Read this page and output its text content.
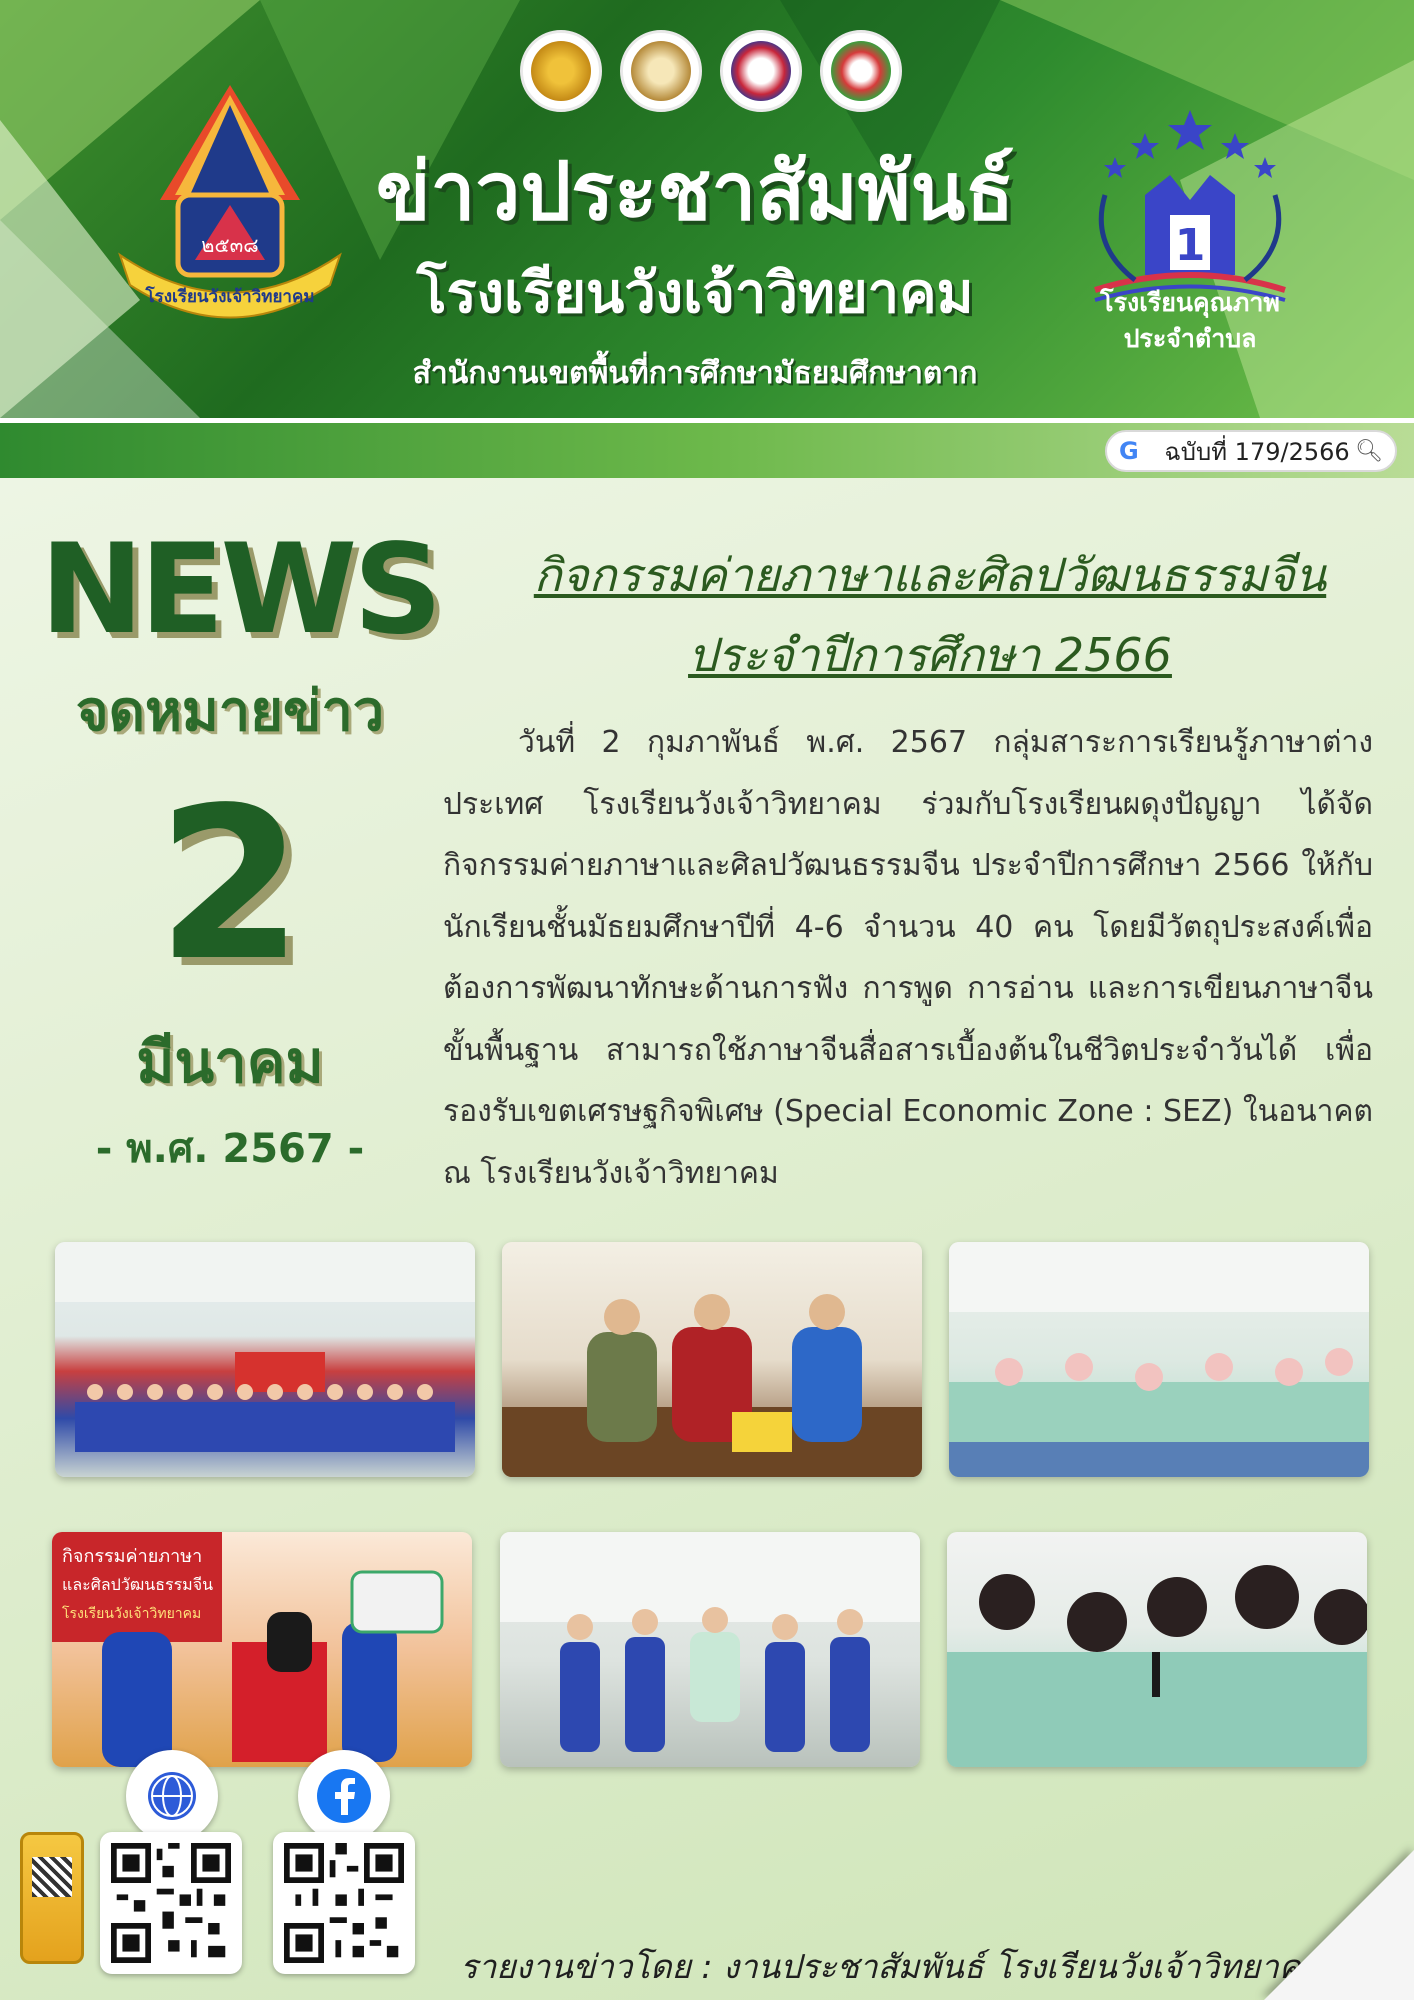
๒๕๓๘
โรงเรียนวังเจ้าวิทยาคม
ข่าวประชาสัมพันธ์
โรงเรียนวังเจ้าวิทยาคม
สำนักงานเขตพื้นที่การศึกษามัธยมศึกษาตาก
1
โรงเรียนคุณภาพ
ประจำตำบล
G	ฉบับที่ 179/2566 🔍︎
NEWS
จดหมายข่าว
2
มีนาคม
- พ.ศ. 2567 -
กิจกรรมค่ายภาษาและศิลปวัฒนธรรมจีน
ประจำปีการศึกษา 2566
วันที่ 2 กุมภาพันธ์ พ.ศ. 2567 กลุ่มสาระการเรียนรู้ภาษาต่างประเทศ โรงเรียนวังเจ้าวิทยาคม ร่วมกับโรงเรียนผดุงปัญญา ได้จัดกิจกรรมค่ายภาษาและศิลปวัฒนธรรมจีน ประจำปีการศึกษา 2566 ให้กับนักเรียนชั้นมัธยมศึกษาปีที่ 4-6 จำนวน 40 คน โดยมีวัตถุประสงค์เพื่อต้องการพัฒนาทักษะด้านการฟัง การพูด การอ่าน และการเขียนภาษาจีนขั้นพื้นฐาน สามารถใช้ภาษาจีนสื่อสารเบื้องต้นในชีวิตประจำวันได้ เพื่อรองรับเขตเศรษฐกิจพิเศษ (Special Economic Zone : SEZ) ในอนาคต ณ โรงเรียนวังเจ้าวิทยาคม
กิจกรรมค่ายภาษา
และศิลปวัฒนธรรมจีน
โรงเรียนวังเจ้าวิทยาคม
รายงานข่าวโดย : งานประชาสัมพันธ์ โรงเรียนวังเจ้าวิทยาคม
